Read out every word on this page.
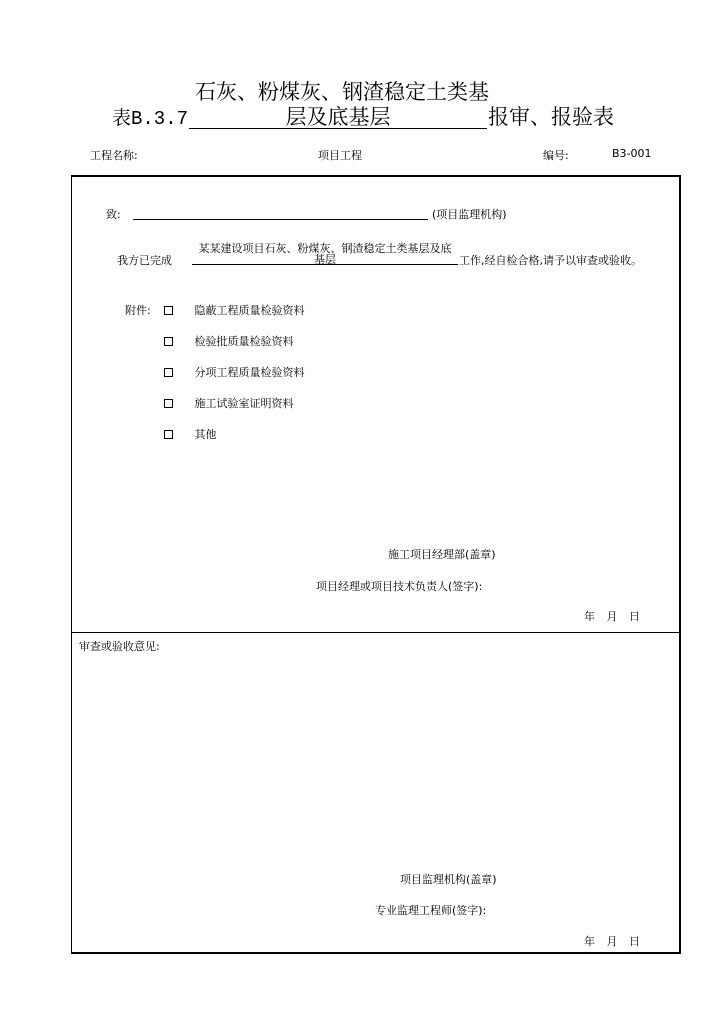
石灰、粉煤灰、钢渣稳定土类基
表B.3.7	层及底基层	报审、报验表
工程名称:	项目工程	编号:	B3-001
致:	(项目监理机构)
我方已完成
某某建设项目石灰、粉煤灰、钢渣稳定土类基层及底
基层	工作,经自检合格,请予以审查或验收。
附件:	隐蔽工程质量检验资料
检验批质量检验资料
分项工程质量检验资料
施工试验室证明资料
其他
施工项目经理部(盖章)
项目经理或项目技术负责人(签字):
年 月 日
审查或验收意见:
项目监理机构(盖章)
专业监理工程师(签字):
年 月 日
